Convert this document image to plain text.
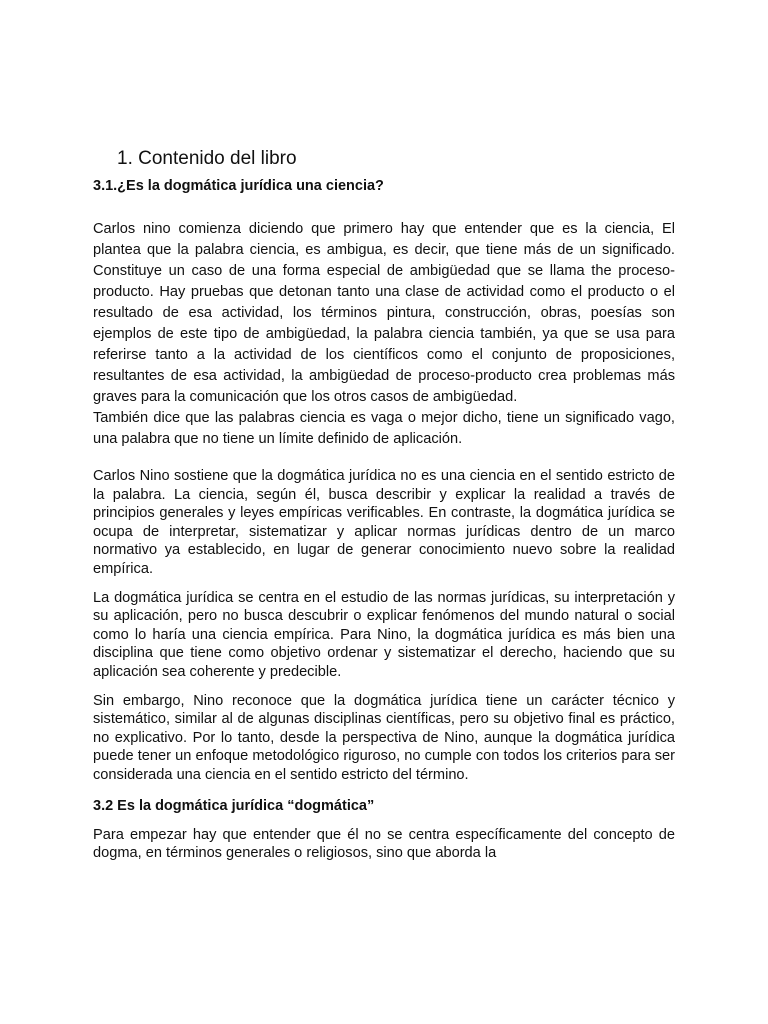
1. Contenido del libro
3.1.¿Es la dogmática jurídica una ciencia?

Carlos nino comienza diciendo que primero hay que entender que es la ciencia, El plantea que la palabra ciencia, es ambigua, es decir, que tiene más de un significado. Constituye un caso de una forma especial de ambigüedad que se llama the proceso-producto. Hay pruebas que detonan tanto una clase de actividad como el producto o el resultado de esa actividad, los términos pintura, construcción, obras, poesías son ejemplos de este tipo de ambigüedad, la palabra ciencia también, ya que se usa para referirse tanto a la actividad de los científicos como el conjunto de proposiciones, resultantes de esa actividad, la ambigüedad de proceso-producto crea problemas más graves para la comunicación que los otros casos de ambigüedad.

También dice que las palabras ciencia es vaga o mejor dicho, tiene un significado vago, una palabra que no tiene un límite definido de aplicación.

Carlos Nino sostiene que la dogmática jurídica no es una ciencia en el sentido estricto de la palabra. La ciencia, según él, busca describir y explicar la realidad a través de principios generales y leyes empíricas verificables. En contraste, la dogmática jurídica se ocupa de interpretar, sistematizar y aplicar normas jurídicas dentro de un marco normativo ya establecido, en lugar de generar conocimiento nuevo sobre la realidad empírica.

La dogmática jurídica se centra en el estudio de las normas jurídicas, su interpretación y su aplicación, pero no busca descubrir o explicar fenómenos del mundo natural o social como lo haría una ciencia empírica. Para Nino, la dogmática jurídica es más bien una disciplina que tiene como objetivo ordenar y sistematizar el derecho, haciendo que su aplicación sea coherente y predecible.

Sin embargo, Nino reconoce que la dogmática jurídica tiene un carácter técnico y sistemático, similar al de algunas disciplinas científicas, pero su objetivo final es práctico, no explicativo. Por lo tanto, desde la perspectiva de Nino, aunque la dogmática jurídica puede tener un enfoque metodológico riguroso, no cumple con todos los criterios para ser considerada una ciencia en el sentido estricto del término.

3.2 Es la dogmática jurídica “dogmática”

Para empezar hay que entender que él no se centra específicamente del concepto de dogma, en términos generales o religiosos, sino que aborda la
